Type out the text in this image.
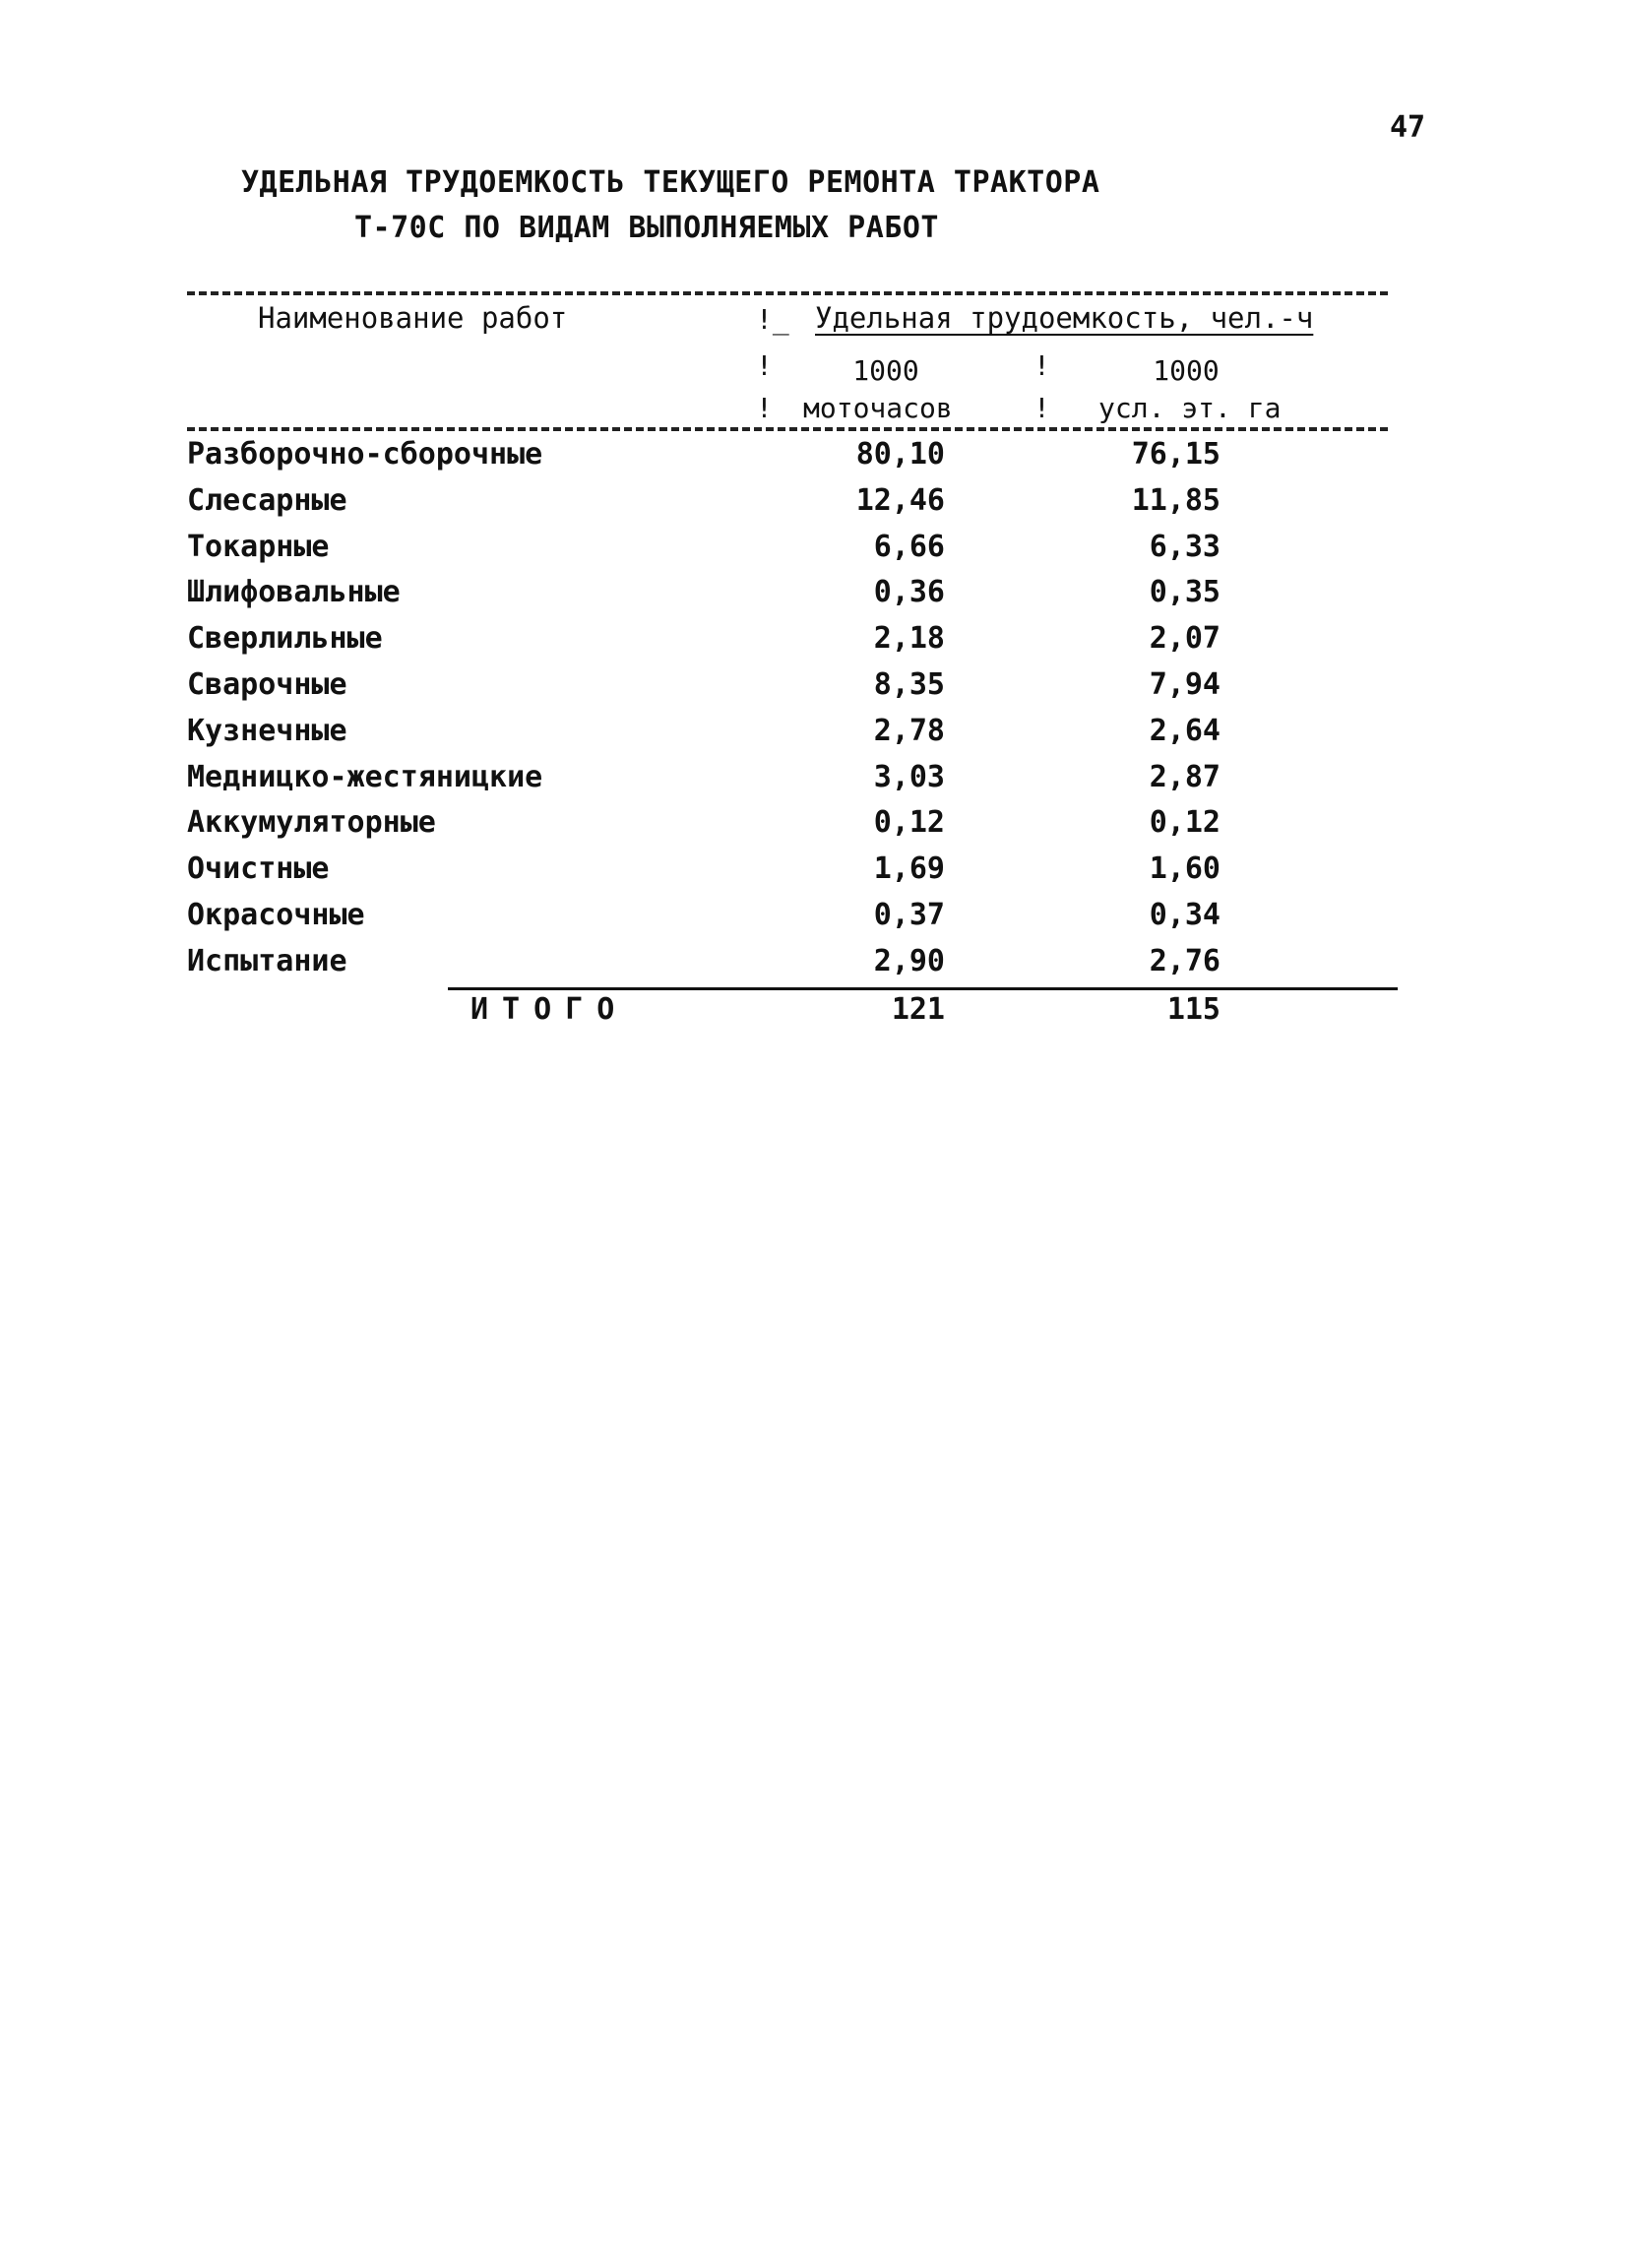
47
УДЕЛЬНАЯ ТРУДОЕМКОСТЬ ТЕКУЩЕГО РЕМОНТА ТРАКТОРА
Т-70С ПО ВИДАМ ВЫПОЛНЯЕМЫХ РАБОТ
Наименование работ	!_ Удельная трудоемкость, чел.-ч
!	!
1000	1000
!	!
моточасов	усл. эт. га
Разборочно-сборочные	80,10	76,15
Слесарные	12,46	11,85
Токарные	6,66	6,33
Шлифовальные	0,36	0,35
Сверлильные	2,18	2,07
Сварочные	8,35	7,94
Кузнечные	2,78	2,64
Медницко-жестяницкие	3,03	2,87
Аккумуляторные	0,12	0,12
Очистные	1,69	1,60
Окрасочные	0,37	0,34
Испытание	2,90	2,76
ИТОГО	121	115
